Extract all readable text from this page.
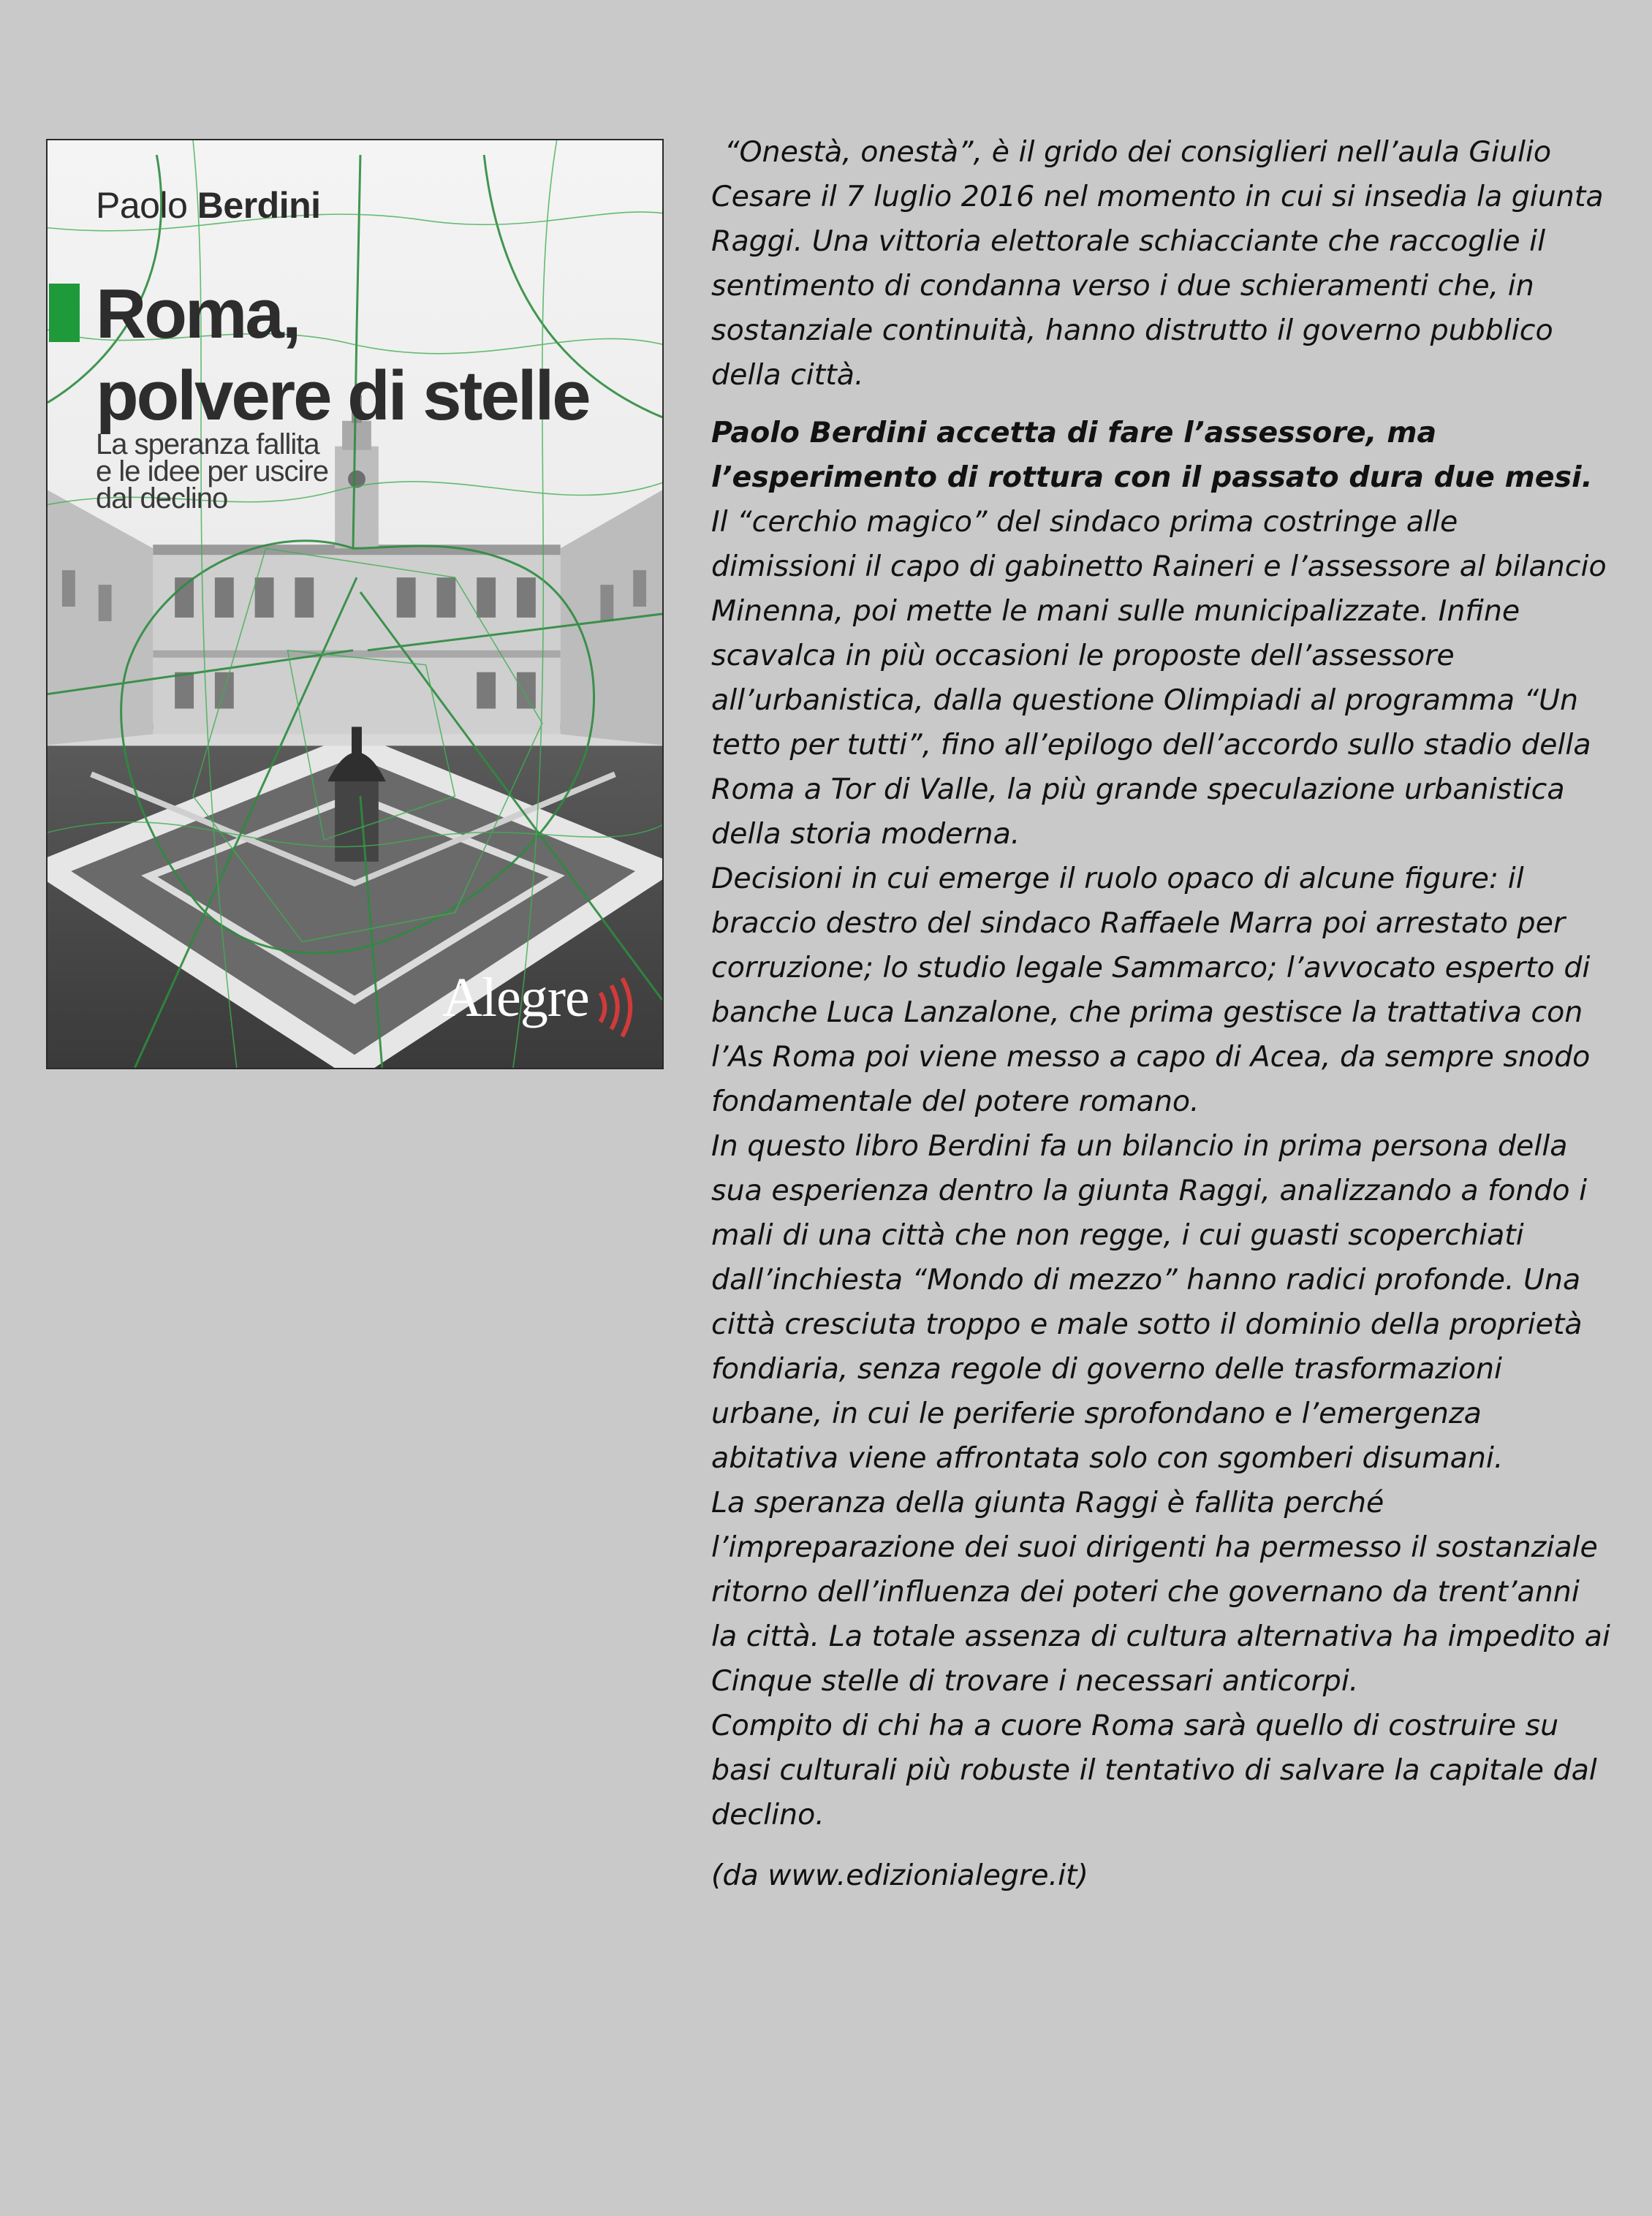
Paolo Berdini
Roma,
polvere di stelle
La speranza fallita
e le idee per uscire
dal declino
Alegre

“Onestà, onestà”, è il grido dei consiglieri nell’aula Giulio Cesare il 7 luglio 2016 nel momento in cui si insedia la giunta Raggi. Una vittoria elettorale schiacciante che raccoglie il sentimento di condanna verso i due schieramenti che, in sostanziale continuità, hanno distrutto il governo pubblico della città.

Paolo Berdini accetta di fare l’assessore, ma l’esperimento di rottura con il passato dura due mesi.

Il “cerchio magico” del sindaco prima costringe alle dimissioni il capo di gabinetto Raineri e l’assessore al bilancio Minenna, poi mette le mani sulle municipalizzate. Infine scavalca in più occasioni le proposte dell’assessore all’urbanistica, dalla questione Olimpiadi al programma “Un tetto per tutti”, fino all’epilogo dell’accordo sullo stadio della Roma a Tor di Valle, la più grande speculazione urbanistica della storia moderna.

Decisioni in cui emerge il ruolo opaco di alcune figure: il braccio destro del sindaco Raffaele Marra poi arrestato per corruzione; lo studio legale Sammarco; l’avvocato esperto di banche Luca Lanzalone, che prima gestisce la trattativa con l’As Roma poi viene messo a capo di Acea, da sempre snodo fondamentale del potere romano.

In questo libro Berdini fa un bilancio in prima persona della sua esperienza dentro la giunta Raggi, analizzando a fondo i mali di una città che non regge, i cui guasti scoperchiati dall’inchiesta “Mondo di mezzo” hanno radici profonde. Una città cresciuta troppo e male sotto il dominio della proprietà fondiaria, senza regole di governo delle trasformazioni urbane, in cui le periferie sprofondano e l’emergenza abitativa viene affrontata solo con sgomberi disumani.

La speranza della giunta Raggi è fallita perché l’impreparazione dei suoi dirigenti ha permesso il sostanziale ritorno dell’influenza dei poteri che governano da trent’anni la città. La totale assenza di cultura alternativa ha impedito ai Cinque stelle di trovare i necessari anticorpi.

Compito di chi ha a cuore Roma sarà quello di costruire su basi culturali più robuste il tentativo di salvare la capitale dal declino.

(da www.edizionialegre.it)
